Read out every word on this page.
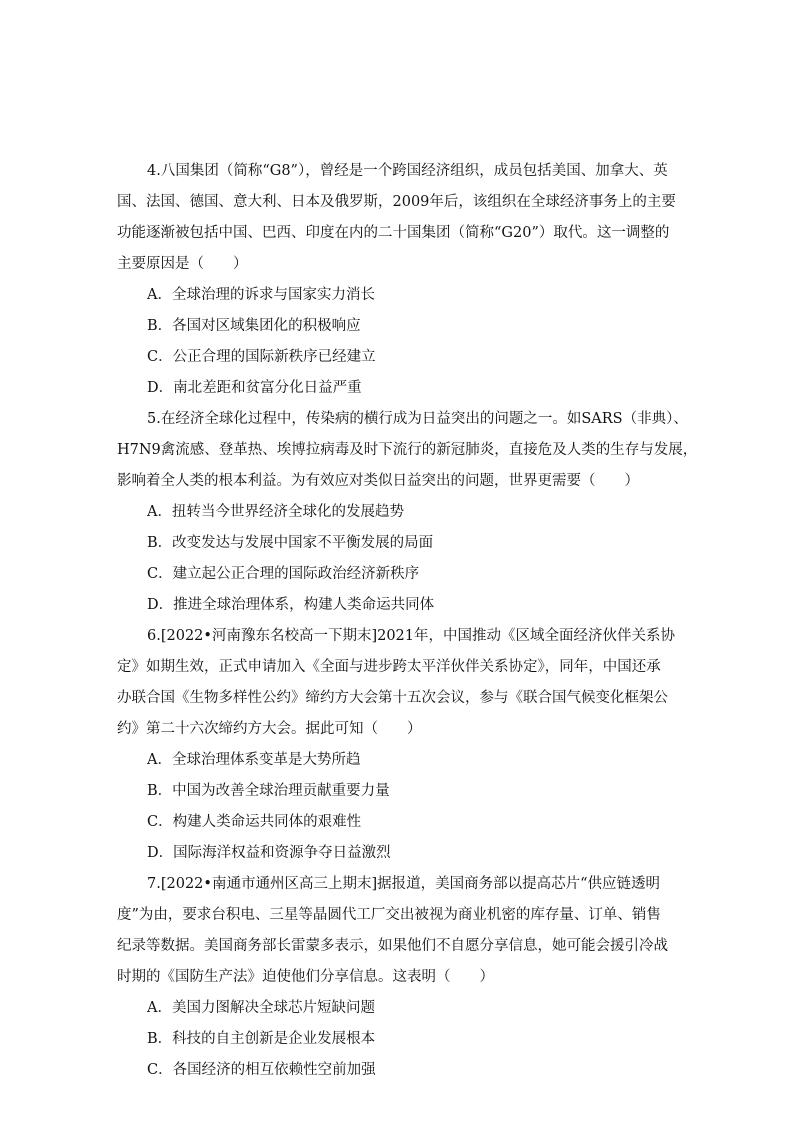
4.八国集团（简称“G8”），曾经是一个跨国经济组织，成员包括美国、加拿大、英
国、法国、德国、意大利、日本及俄罗斯，2009年后，该组织在全球经济事务上的主要
功能逐渐被包括中国、巴西、印度在内的二十国集团（简称“G20”）取代。这一调整的
主要原因是（　　）
A．全球治理的诉求与国家实力消长
B．各国对区域集团化的积极响应
C．公正合理的国际新秩序已经建立
D．南北差距和贫富分化日益严重
5.在经济全球化过程中，传染病的横行成为日益突出的问题之一。如SARS（非典）、
H7N9禽流感、登革热、埃博拉病毒及时下流行的新冠肺炎，直接危及人类的生存与发展，
影响着全人类的根本利益。为有效应对类似日益突出的问题，世界更需要（　　）
A．扭转当今世界经济全球化的发展趋势
B．改变发达与发展中国家不平衡发展的局面
C．建立起公正合理的国际政治经济新秩序
D．推进全球治理体系，构建人类命运共同体
6.[2022•河南豫东名校高一下期末]2021年，中国推动《区域全面经济伙伴关系协
定》如期生效，正式申请加入《全面与进步跨太平洋伙伴关系协定》，同年，中国还承
办联合国《生物多样性公约》缔约方大会第十五次会议，参与《联合国气候变化框架公
约》第二十六次缔约方大会。据此可知（　　）
A．全球治理体系变革是大势所趋
B．中国为改善全球治理贡献重要力量
C．构建人类命运共同体的艰难性
D．国际海洋权益和资源争夺日益激烈
7.[2022•南通市通州区高三上期末]据报道，美国商务部以提高芯片“供应链透明
度”为由，要求台积电、三星等晶圆代工厂交出被视为商业机密的库存量、订单、销售
纪录等数据。美国商务部长雷蒙多表示，如果他们不自愿分享信息，她可能会援引冷战
时期的《国防生产法》迫使他们分享信息。这表明（　　）
A．美国力图解决全球芯片短缺问题
B．科技的自主创新是企业发展根本
C．各国经济的相互依赖性空前加强
